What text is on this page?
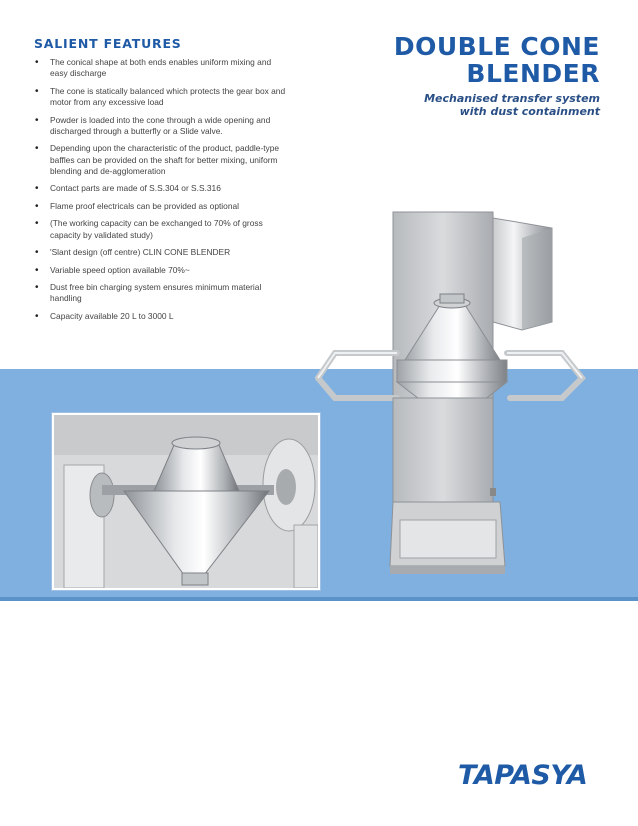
SALIENT FEATURES
• The conical shape at both ends enables uniform mixing and easy discharge
• The cone is statically balanced which protects the gear box and motor from any excessive load
• Powder is loaded into the cone through a wide opening and discharged through a butterfly or a Slide valve.
• Depending upon the characteristic of the product, paddle-type baffles can be provided on the shaft for better mixing, uniform blending and de-agglomeration
• Contact parts are made of S.S.304 or S.S.316
• Flame proof electricals can be provided as optional
• (The working capacity can be exchanged to 70% of gross capacity by validated study)
• 'Slant design (off centre) CLIN CONE BLENDER
• Variable speed option available 70%~
• Dust free bin charging system ensures minimum material handling
• Capacity available 20 L to 3000 L
DOUBLE CONE
BLENDER
Mechanised transfer system
with dust containment
TAPASYA
